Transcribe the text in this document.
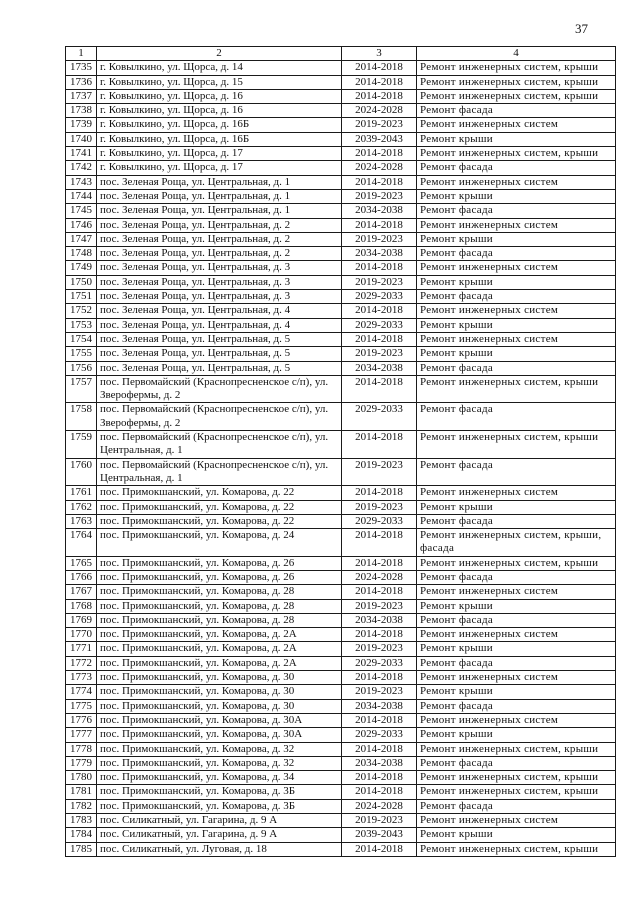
37
1	2	3	4
1735	г. Ковылкино, ул. Щорса, д. 14	2014-2018	Ремонт инженерных систем, крыши
1736	г. Ковылкино, ул. Щорса, д. 15	2014-2018	Ремонт инженерных систем, крыши
1737	г. Ковылкино, ул. Щорса, д. 16	2014-2018	Ремонт инженерных систем, крыши
1738	г. Ковылкино, ул. Щорса, д. 16	2024-2028	Ремонт фасада
1739	г. Ковылкино, ул. Щорса, д. 16Б	2019-2023	Ремонт инженерных систем
1740	г. Ковылкино, ул. Щорса, д. 16Б	2039-2043	Ремонт крыши
1741	г. Ковылкино, ул. Щорса, д. 17	2014-2018	Ремонт инженерных систем, крыши
1742	г. Ковылкино, ул. Щорса, д. 17	2024-2028	Ремонт фасада
1743	пос. Зеленая Роща, ул. Центральная, д. 1	2014-2018	Ремонт инженерных систем
1744	пос. Зеленая Роща, ул. Центральная, д. 1	2019-2023	Ремонт крыши
1745	пос. Зеленая Роща, ул. Центральная, д. 1	2034-2038	Ремонт фасада
1746	пос. Зеленая Роща, ул. Центральная, д. 2	2014-2018	Ремонт инженерных систем
1747	пос. Зеленая Роща, ул. Центральная, д. 2	2019-2023	Ремонт крыши
1748	пос. Зеленая Роща, ул. Центральная, д. 2	2034-2038	Ремонт фасада
1749	пос. Зеленая Роща, ул. Центральная, д. 3	2014-2018	Ремонт инженерных систем
1750	пос. Зеленая Роща, ул. Центральная, д. 3	2019-2023	Ремонт крыши
1751	пос. Зеленая Роща, ул. Центральная, д. 3	2029-2033	Ремонт фасада
1752	пос. Зеленая Роща, ул. Центральная, д. 4	2014-2018	Ремонт инженерных систем
1753	пос. Зеленая Роща, ул. Центральная, д. 4	2029-2033	Ремонт крыши
1754	пос. Зеленая Роща, ул. Центральная, д. 5	2014-2018	Ремонт инженерных систем
1755	пос. Зеленая Роща, ул. Центральная, д. 5	2019-2023	Ремонт крыши
1756	пос. Зеленая Роща, ул. Центральная, д. 5	2034-2038	Ремонт фасада
1757	пос. Первомайский (Краснопресненское с/п), ул. Зверофермы, д. 2	2014-2018	Ремонт инженерных систем, крыши
1758	пос. Первомайский (Краснопресненское с/п), ул. Зверофермы, д. 2	2029-2033	Ремонт фасада
1759	пос. Первомайский (Краснопресненское с/п), ул. Центральная, д. 1	2014-2018	Ремонт инженерных систем, крыши
1760	пос. Первомайский (Краснопресненское с/п), ул. Центральная, д. 1	2019-2023	Ремонт фасада
1761	пос. Примокшанский, ул. Комарова, д. 22	2014-2018	Ремонт инженерных систем
1762	пос. Примокшанский, ул. Комарова, д. 22	2019-2023	Ремонт крыши
1763	пос. Примокшанский, ул. Комарова, д. 22	2029-2033	Ремонт фасада
1764	пос. Примокшанский, ул. Комарова, д. 24	2014-2018	Ремонт инженерных систем, крыши, фасада
1765	пос. Примокшанский, ул. Комарова, д. 26	2014-2018	Ремонт инженерных систем, крыши
1766	пос. Примокшанский, ул. Комарова, д. 26	2024-2028	Ремонт фасада
1767	пос. Примокшанский, ул. Комарова, д. 28	2014-2018	Ремонт инженерных систем
1768	пос. Примокшанский, ул. Комарова, д. 28	2019-2023	Ремонт крыши
1769	пос. Примокшанский, ул. Комарова, д. 28	2034-2038	Ремонт фасада
1770	пос. Примокшанский, ул. Комарова, д. 2А	2014-2018	Ремонт инженерных систем
1771	пос. Примокшанский, ул. Комарова, д. 2А	2019-2023	Ремонт крыши
1772	пос. Примокшанский, ул. Комарова, д. 2А	2029-2033	Ремонт фасада
1773	пос. Примокшанский, ул. Комарова, д. 30	2014-2018	Ремонт инженерных систем
1774	пос. Примокшанский, ул. Комарова, д. 30	2019-2023	Ремонт крыши
1775	пос. Примокшанский, ул. Комарова, д. 30	2034-2038	Ремонт фасада
1776	пос. Примокшанский, ул. Комарова, д. 30А	2014-2018	Ремонт инженерных систем
1777	пос. Примокшанский, ул. Комарова, д. 30А	2029-2033	Ремонт крыши
1778	пос. Примокшанский, ул. Комарова, д. 32	2014-2018	Ремонт инженерных систем, крыши
1779	пос. Примокшанский, ул. Комарова, д. 32	2034-2038	Ремонт фасада
1780	пос. Примокшанский, ул. Комарова, д. 34	2014-2018	Ремонт инженерных систем, крыши
1781	пос. Примокшанский, ул. Комарова, д. 3Б	2014-2018	Ремонт инженерных систем, крыши
1782	пос. Примокшанский, ул. Комарова, д. 3Б	2024-2028	Ремонт фасада
1783	пос. Силикатный, ул. Гагарина, д. 9 А	2019-2023	Ремонт инженерных систем
1784	пос. Силикатный, ул. Гагарина, д. 9 А	2039-2043	Ремонт крыши
1785	пос. Силикатный, ул. Луговая, д. 18	2014-2018	Ремонт инженерных систем, крыши
